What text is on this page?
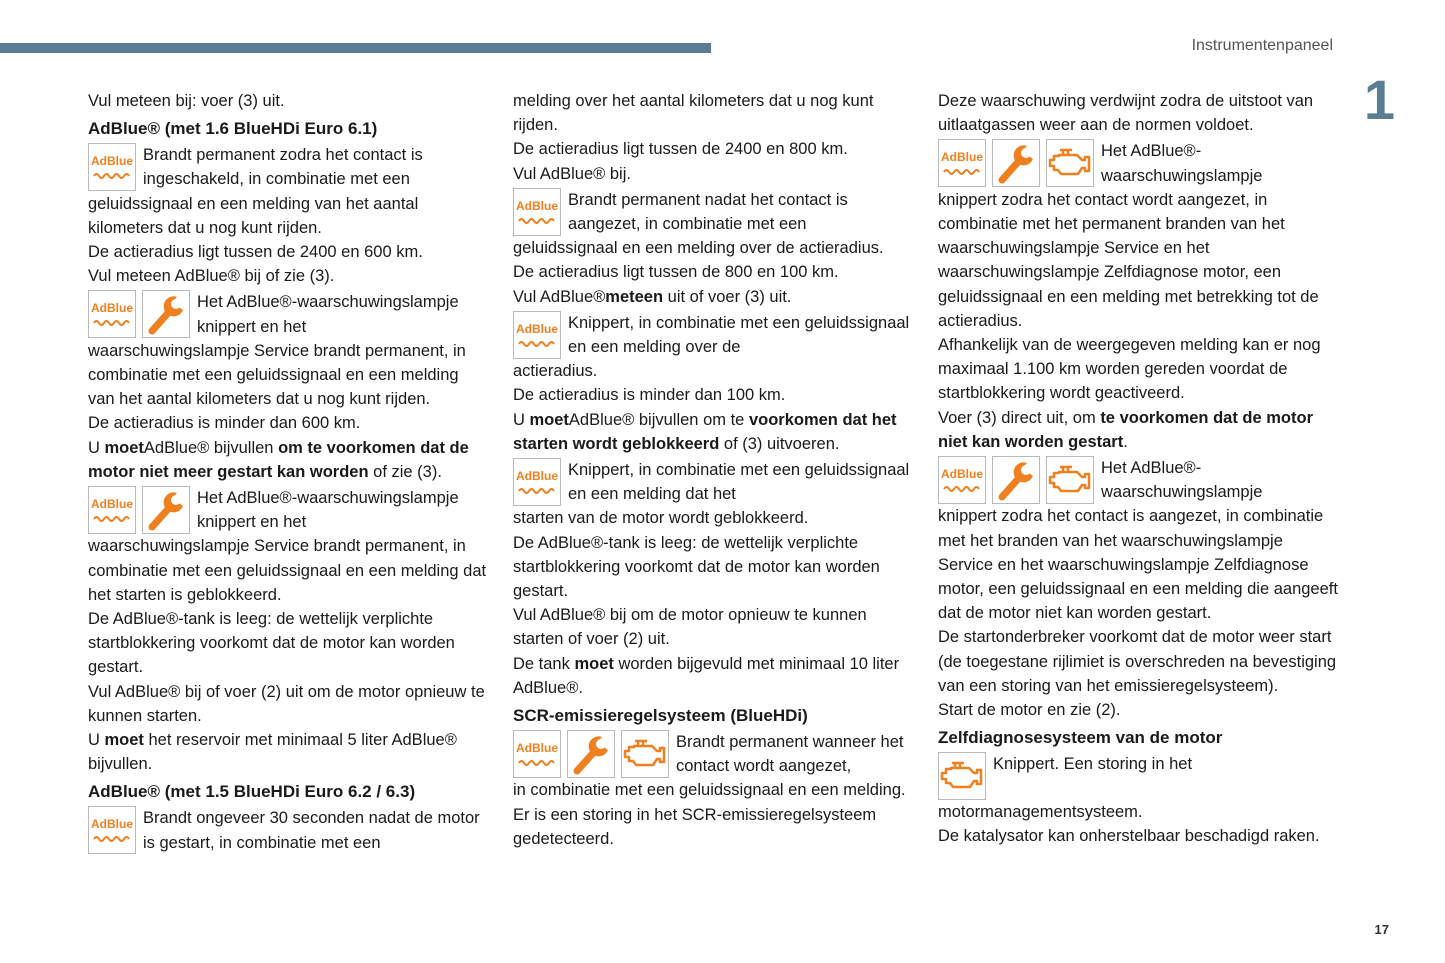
Instrumentenpaneel
1
17

Vul meteen bij: voer (3) uit.

AdBlue® (met 1.6 BlueHDi Euro 6.1)
AdBlue Brandt permanent zodra het contact is ingeschakeld, in combinatie met een

geluidssignaal en een melding van het aantal kilometers dat u nog kunt rijden.

De actieradius ligt tussen de 2400 en 600 km.

Vul meteen AdBlue® bij of zie (3).

AdBlue	Het AdBlue®-waarschuwingslampje knippert en het

waarschuwingslampje Service brandt permanent, in combinatie met een geluidssignaal en een melding van het aantal kilometers dat u nog kunt rijden.

De actieradius is minder dan 600 km.

U moetAdBlue® bijvullen om te voorkomen dat de motor niet meer gestart kan worden of zie (3).

AdBlue	Het AdBlue®-waarschuwingslampje knippert en het

waarschuwingslampje Service brandt permanent, in combinatie met een geluidssignaal en een melding dat het starten is geblokkeerd.

De AdBlue®-tank is leeg: de wettelijk verplichte startblokkering voorkomt dat de motor kan worden gestart.

Vul AdBlue® bij of voer (2) uit om de motor opnieuw te kunnen starten.

U moet het reservoir met minimaal 5 liter AdBlue® bijvullen.

AdBlue® (met 1.5 BlueHDi Euro 6.2 / 6.3)
AdBlue Brandt ongeveer 30 seconden nadat de motor is gestart, in combinatie met een

melding over het aantal kilometers dat u nog kunt rijden.

De actieradius ligt tussen de 2400 en 800 km.

Vul AdBlue® bij.

AdBlue Brandt permanent nadat het contact is aangezet, in combinatie met een

geluidssignaal en een melding over de actieradius.

De actieradius ligt tussen de 800 en 100 km.

Vul AdBlue®meteen uit of voer (3) uit.

AdBlue Knippert, in combinatie met een geluidssignaal en een melding over de

actieradius.

De actieradius is minder dan 100 km.

U moetAdBlue® bijvullen om te voorkomen dat het starten wordt geblokkeerd of (3) uitvoeren.

AdBlue Knippert, in combinatie met een geluidssignaal en een melding dat het

starten van de motor wordt geblokkeerd.

De AdBlue®-tank is leeg: de wettelijk verplichte startblokkering voorkomt dat de motor kan worden gestart.

Vul AdBlue® bij om de motor opnieuw te kunnen starten of voer (2) uit.

De tank moet worden bijgevuld met minimaal 10 liter AdBlue®.

SCR-emissieregelsysteem (BlueHDi)
AdBlue	Brandt permanent wanneer het contact wordt aangezet,

in combinatie met een geluidssignaal en een melding.

Er is een storing in het SCR-emissieregelsysteem gedetecteerd.

Deze waarschuwing verdwijnt zodra de uitstoot van uitlaatgassen weer aan de normen voldoet.

AdBlue	Het AdBlue®-waarschuwingslampje

knippert zodra het contact wordt aangezet, in combinatie met het permanent branden van het waarschuwingslampje Service en het waarschuwingslampje Zelfdiagnose motor, een geluidssignaal en een melding met betrekking tot de actieradius.

Afhankelijk van de weergegeven melding kan er nog maximaal 1.100 km worden gereden voordat de startblokkering wordt geactiveerd.

Voer (3) direct uit, om te voorkomen dat de motor niet kan worden gestart.

AdBlue	Het AdBlue®-waarschuwingslampje

knippert zodra het contact is aangezet, in combinatie met het branden van het waarschuwingslampje Service en het waarschuwingslampje Zelfdiagnose motor, een geluidssignaal en een melding die aangeeft dat de motor niet kan worden gestart.

De startonderbreker voorkomt dat de motor weer start (de toegestane rijlimiet is overschreden na bevestiging van een storing van het emissieregelsysteem).

Start de motor en zie (2).

Zelfdiagnosesysteem van de motor
Knippert. Een storing in het

motormanagementsysteem.

De katalysator kan onherstelbaar beschadigd raken.
